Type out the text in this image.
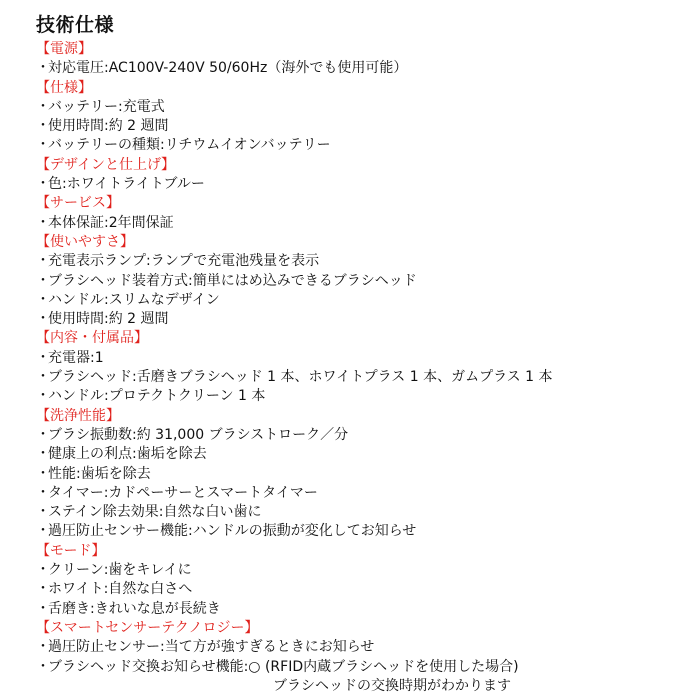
技術仕様
【電源】
・対応電圧:AC100V-240V 50/60Hz（海外でも使用可能）
【仕様】
・バッテリー:充電式
・使用時間:約 2 週間
・バッテリーの種類:リチウムイオンバッテリー
【デザインと仕上げ】
・色:ホワイトライトブルー
【サービス】
・本体保証:2年間保証
【使いやすさ】
・充電表示ランプ:ランプで充電池残量を表示
・ブラシヘッド装着方式:簡単にはめ込みできるブラシヘッド
・ハンドル:スリムなデザイン
・使用時間:約 2 週間
【内容・付属品】
・充電器:1
・ブラシヘッド:舌磨きブラシヘッド 1 本、ホワイトプラス 1 本、ガムプラス 1 本
・ハンドル:プロテクトクリーン 1 本
【洗浄性能】
・ブラシ振動数:約 31,000 ブラシストローク／分
・健康上の利点:歯垢を除去
・性能:歯垢を除去
・タイマー:カドペーサーとスマートタイマー
・ステイン除去効果:自然な白い歯に
・過圧防止センサー機能:ハンドルの振動が変化してお知らせ
【モード】
・クリーン:歯をキレイに
・ホワイト:自然な白さへ
・舌磨き:きれいな息が長続き
【スマートセンサーテクノロジー】
・過圧防止センサー:当て方が強すぎるときにお知らせ
・ブラシヘッド交換お知らせ機能:○ (RFID内蔵ブラシヘッドを使用した場合)
ブラシヘッドの交換時期がわかります
